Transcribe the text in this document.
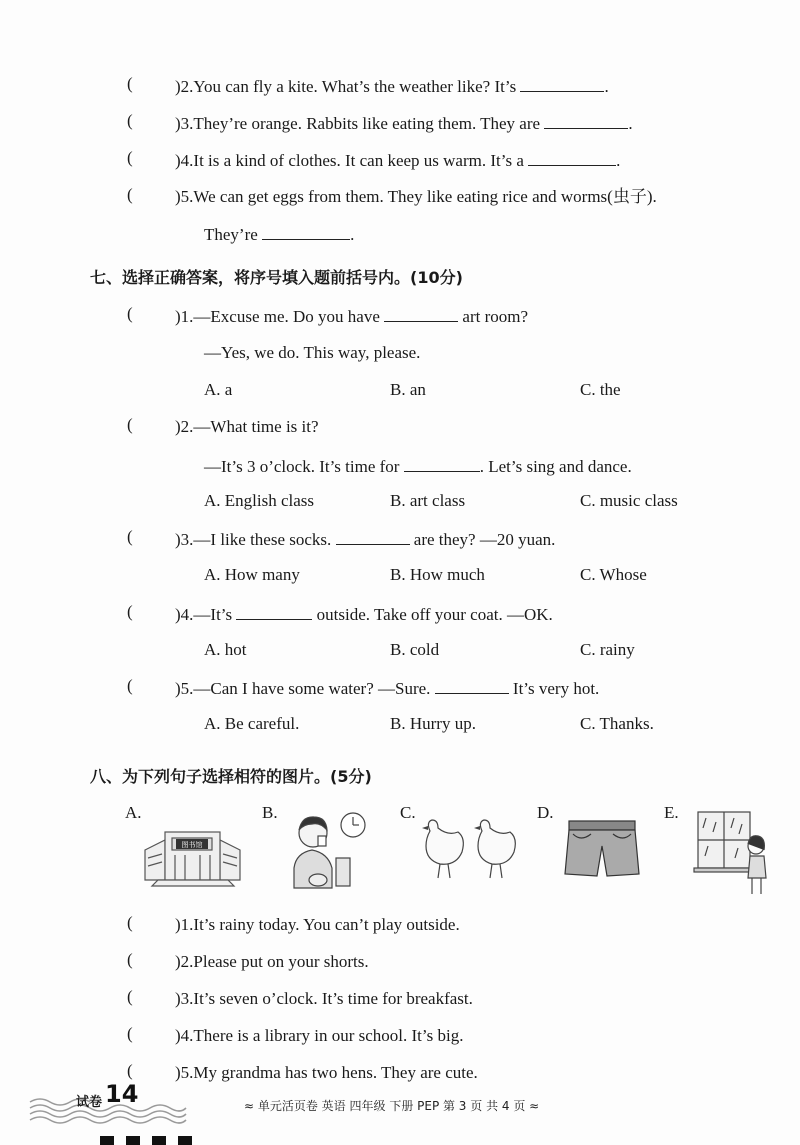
( )2.You can fly a kite. What’s the weather like? It’s	.
( )3.They’re orange. Rabbits like eating them. They are	.
( )4.It is a kind of clothes. It can keep us warm. It’s a	.
( )5.We can get eggs from them. They like eating rice and worms(虫子).
They’re	.
七、选择正确答案，将序号填入题前括号内。(10分)
( )1.—Excuse me. Do you have	art room?
—Yes, we do. This way, please.
A. a	B. an	C. the
( )2.—What time is it?
—It’s 3 o’clock. It’s time for	. Let’s sing and dance.
A. English class	B. art class	C. music class
( )3.—I like these socks.	are they? —20 yuan.
A. How many	B. How much	C. Whose
( )4.—It’s	outside. Take off your coat. —OK.
A. hot	B. cold	C. rainy
( )5.—Can I have some water? —Sure.	It’s very hot.
A. Be careful.	B. Hurry up.	C. Thanks.
八、为下列句子选择相符的图片。(5分)
A.	B.	C.	D.	E.
图书馆
( )1.It’s rainy today. You can’t play outside.
( )2.Please put on your shorts.
( )3.It’s seven o’clock. It’s time for breakfast.
( )4.There is a library in our school. It’s big.
( )5.My grandma has two hens. They are cute.
试卷 14	≈ 单元活页卷 英语 四年级 下册 PEP 第 3 页 共 4 页 ≈
